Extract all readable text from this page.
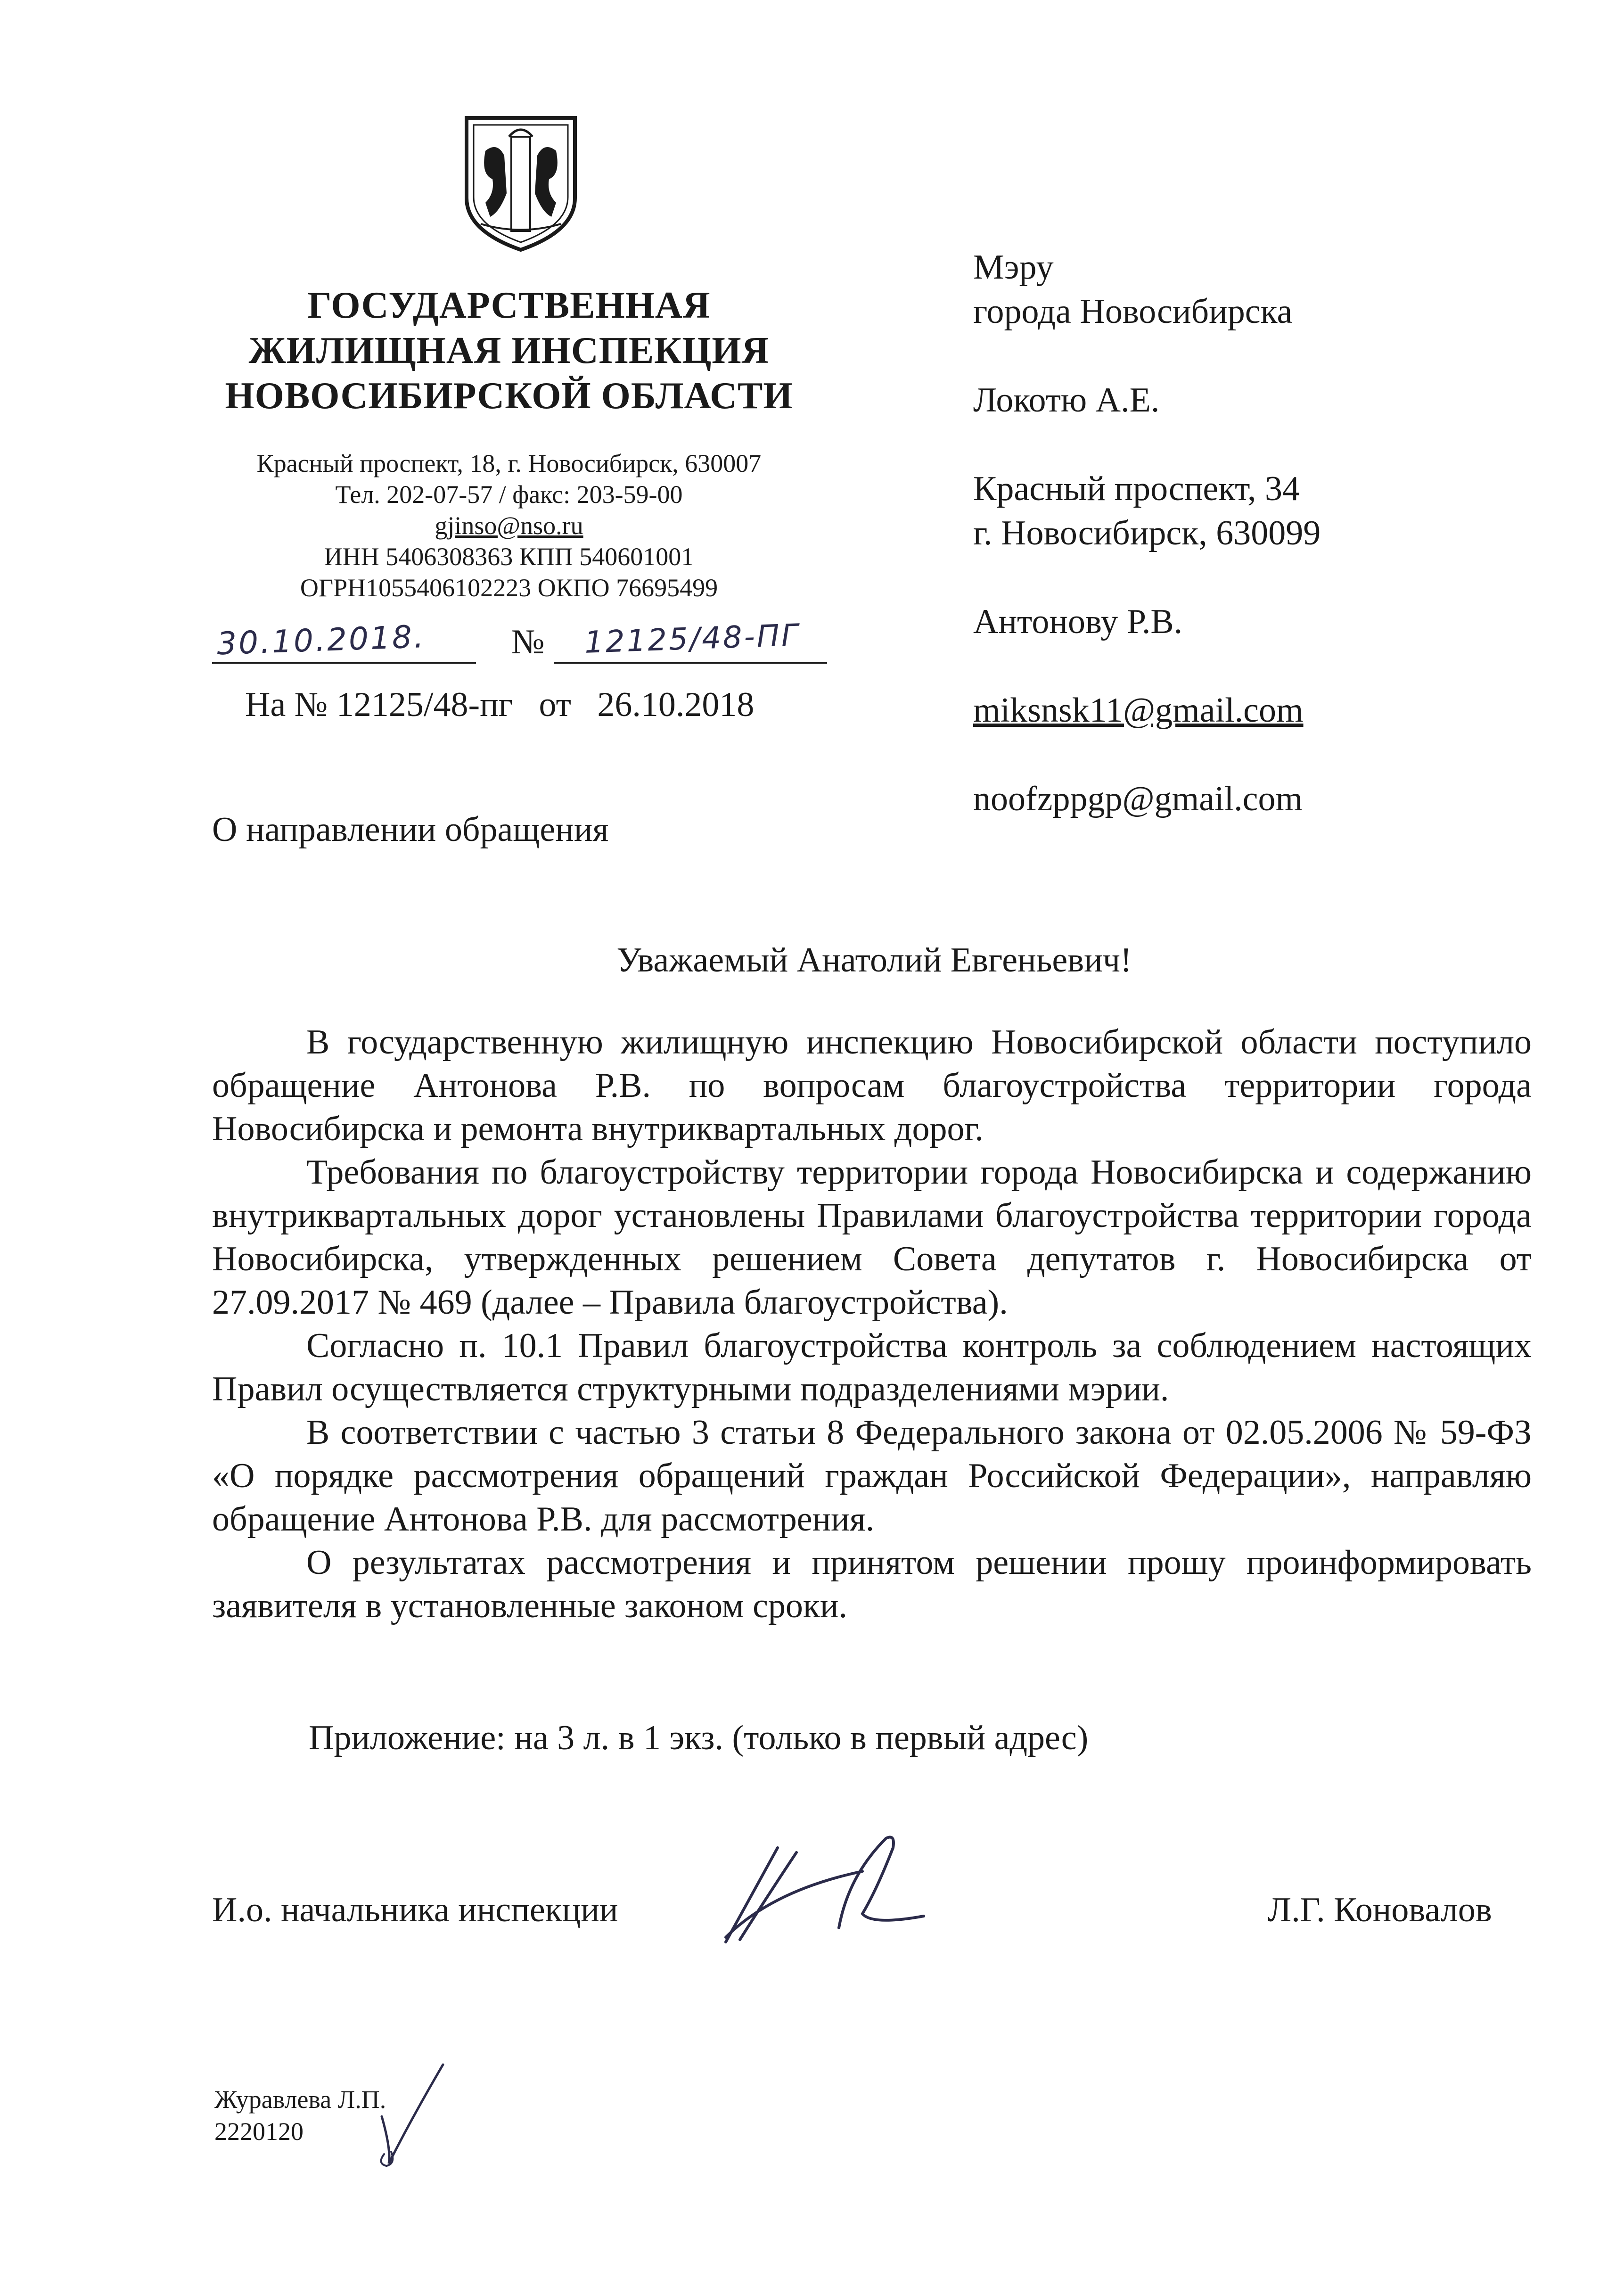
ГОСУДАРСТВЕННАЯ
ЖИЛИЩНАЯ ИНСПЕКЦИЯ
НОВОСИБИРСКОЙ ОБЛАСТИ
Красный проспект, 18, г. Новосибирск, 630007
Тел. 202-07-57 / факс: 203-59-00
gjinso@nso.ru
ИНН 5406308363 КПП 540601001
ОГРН1055406102223 ОКПО 76695499
30.10.2018.	№ 12125/48-ПГ
На № 12125/48-пг   от   26.10.2018
О направлении обращения
Мэру
города Новосибирска
Локотю А.Е.
Красный проспект, 34
г. Новосибирск, 630099
Антонову Р.В.
miksnsk11@gmail.com
noofzppgp@gmail.com
Уважаемый Анатолий Евгеньевич!

В государственную жилищную инспекцию Новосибирской области поступило обращение Антонова Р.В. по вопросам благоустройства территории города Новосибирска и ремонта внутриквартальных дорог.

Требования по благоустройству территории города Новосибирска и содержанию внутриквартальных дорог установлены Правилами благоустройства территории города Новосибирска, утвержденных решением Совета депутатов г. Новосибирска от 27.09.2017 № 469 (далее – Правила благоустройства).

Согласно п. 10.1 Правил благоустройства контроль за соблюдением настоящих Правил осуществляется структурными подразделениями мэрии.

В соответствии с частью 3 статьи 8 Федерального закона от 02.05.2006 № 59-ФЗ «О порядке рассмотрения обращений граждан Российской Федерации», направляю обращение Антонова Р.В. для рассмотрения.

О результатах рассмотрения и принятом решении прошу проинформировать заявителя в установленные законом сроки.

Приложение: на 3 л. в 1 экз. (только в первый адрес)
И.о. начальника инспекции	Л.Г. Коновалов
Журавлева Л.П.
2220120
